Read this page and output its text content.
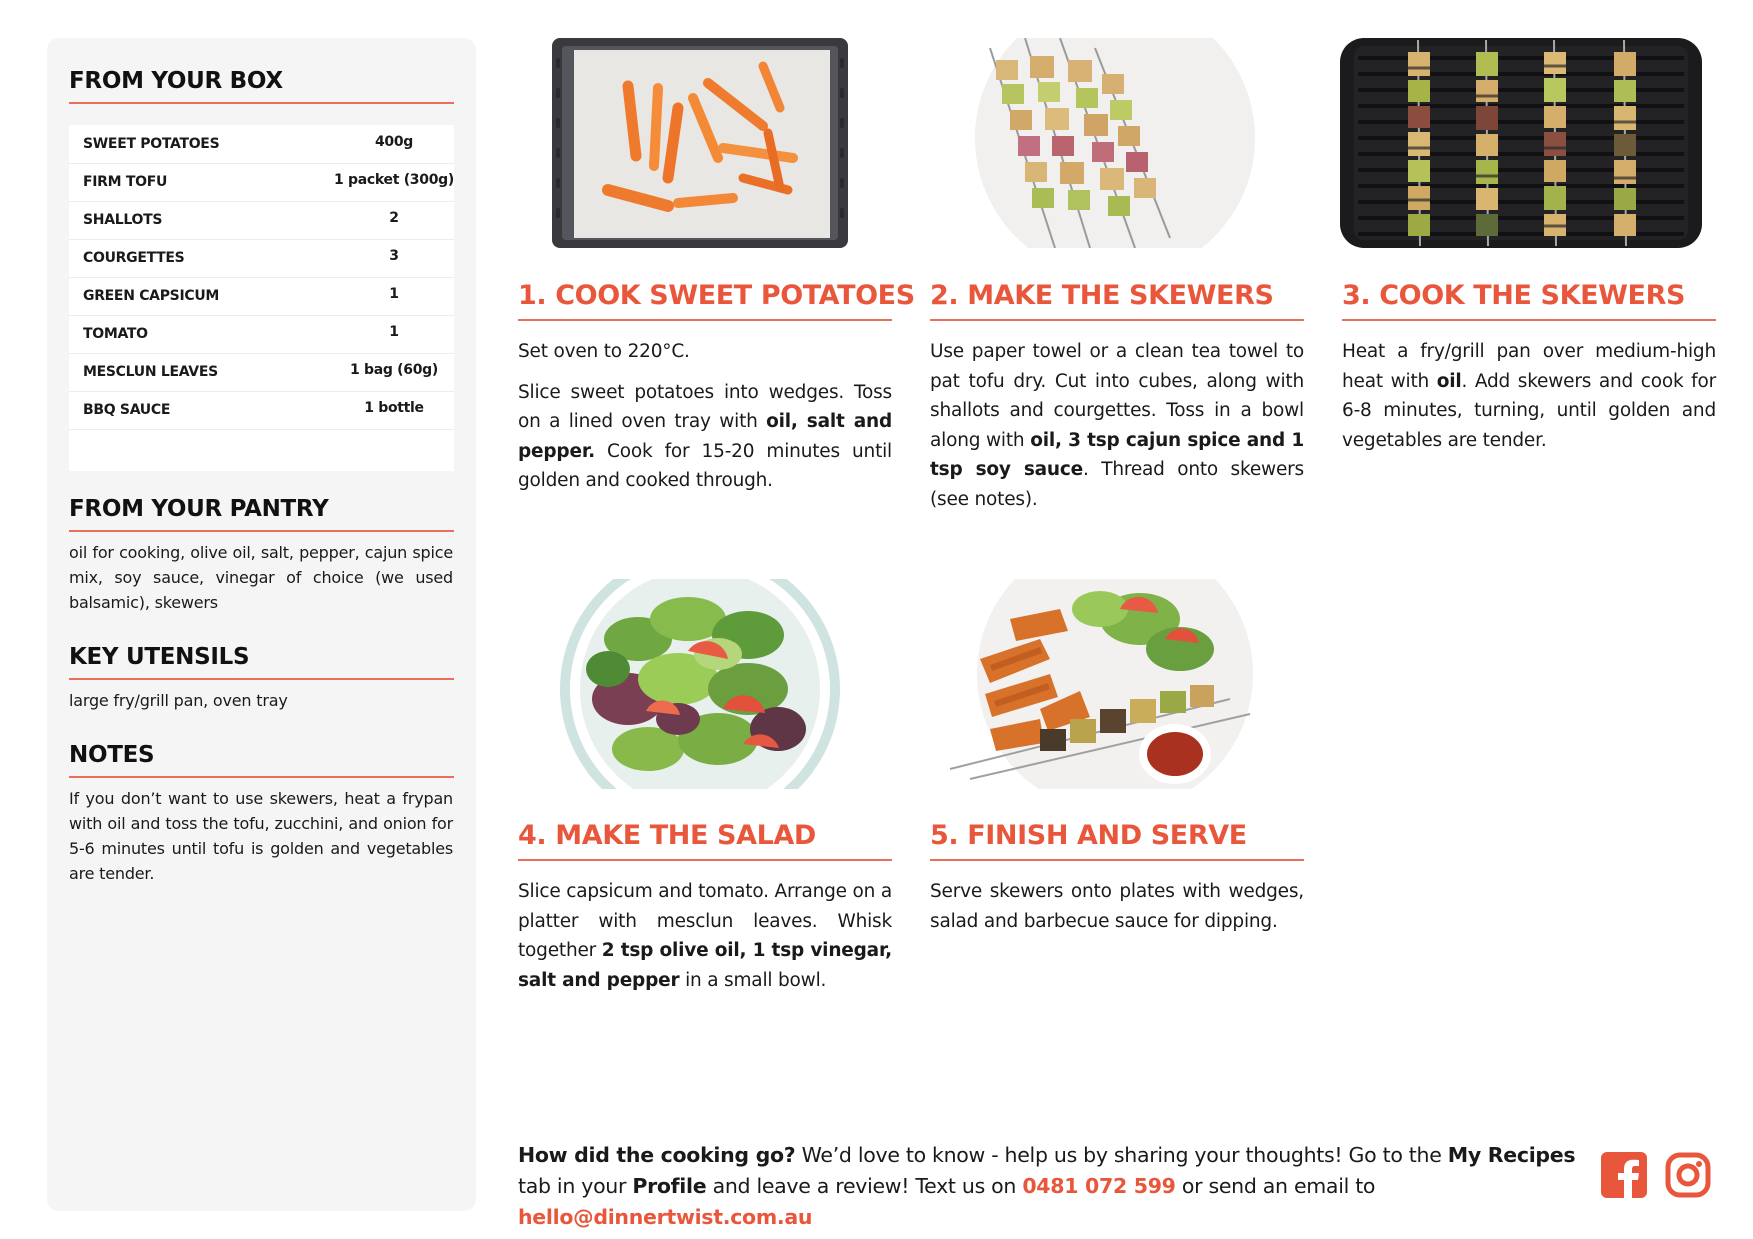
FROM YOUR BOX
SWEET POTATOES	400g
FIRM TOFU	1 packet (300g)
SHALLOTS	2
COURGETTES	3
GREEN CAPSICUM	1
TOMATO	1
MESCLUN LEAVES	1 bag (60g)
BBQ SAUCE	1 bottle
FROM YOUR PANTRY

oil for cooking, olive oil, salt, pepper, cajun spice mix, soy sauce, vinegar of choice (we used balsamic), skewers

KEY UTENSILS

large fry/grill pan, oven tray

NOTES

If you don’t want to use skewers, heat a frypan with oil and toss the tofu, zucchini, and onion for 5-6 minutes until tofu is golden and vegetables are tender.

1. COOK SWEET POTATOES 2. MAKE THE SKEWERS	3. COOK THE SKEWERS
4. MAKE THE SALAD	5. FINISH AND SERVE

Set oven to 220°C.

Slice sweet potatoes into wedges. Toss on a lined oven tray with oil, salt and pepper. Cook for 15-20 minutes until golden and cooked through.

Use paper towel or a clean tea towel to pat tofu dry. Cut into cubes, along with shallots and courgettes. Toss in a bowl along with oil, 3 tsp cajun spice and 1 tsp soy sauce. Thread onto skewers (see notes).

Heat a fry/grill pan over medium-high heat with oil. Add skewers and cook for 6-8 minutes, turning, until golden and vegetables are tender.

Slice capsicum and tomato. Arrange on a platter with mesclun leaves. Whisk together 2 tsp olive oil, 1 tsp vinegar, salt and pepper in a small bowl.

Serve skewers onto plates with wedges, salad and barbecue sauce for dipping.

How did the cooking go? We’d love to know - help us by sharing your thoughts! Go to the My Recipes tab in your Profile and leave a review! Text us on 0481 072 599 or send an email to hello@dinnertwist.com.au
